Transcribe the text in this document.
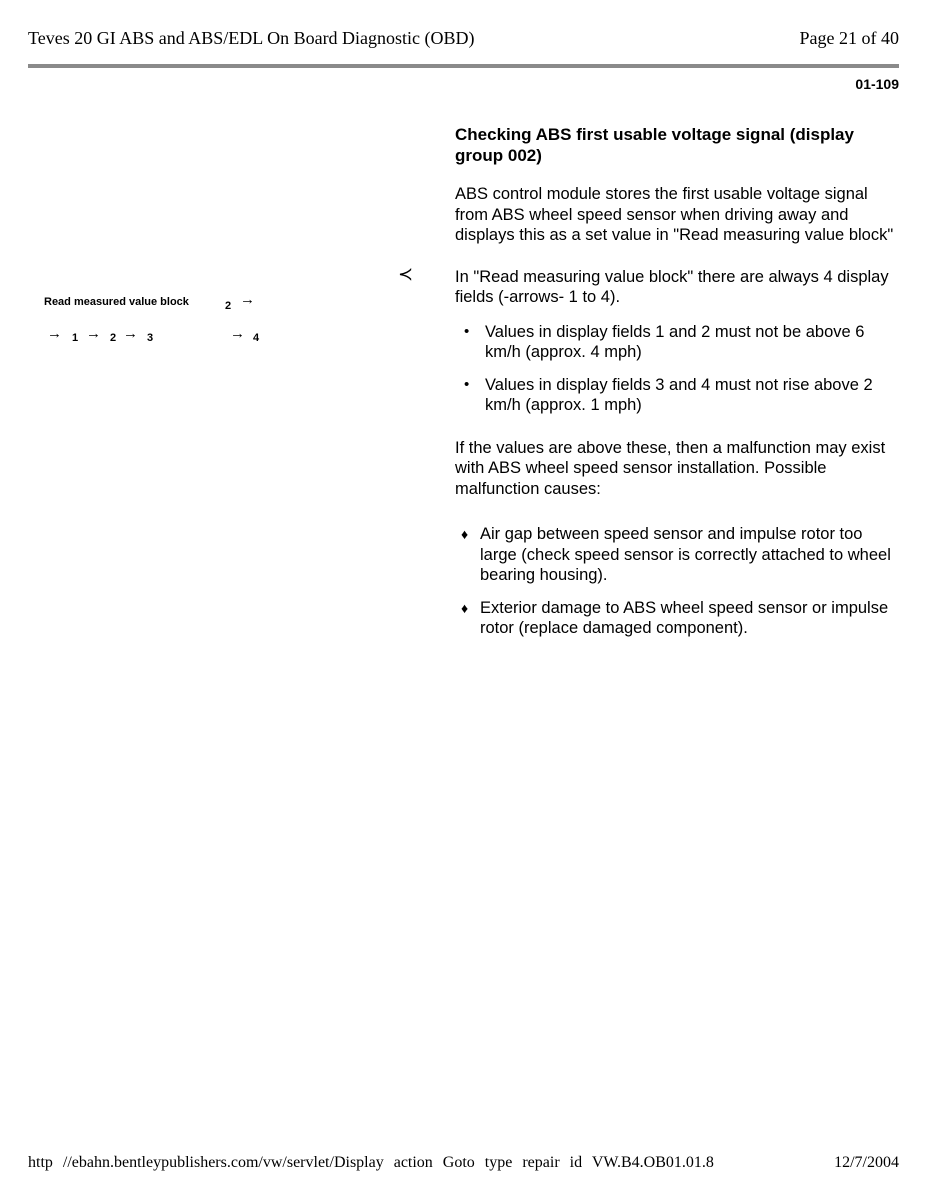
Teves 20 GI ABS and ABS/EDL On Board Diagnostic (OBD)	Page 21 of 40
01-109
Read measured value block	2 →
→ 1 → 2 → 3	→ 4
Checking ABS first usable voltage signal (display group 002)

ABS control module stores the first usable voltage signal from ABS wheel speed sensor when driving away and displays this as a set value in "Read measuring value block"

≺	In "Read measuring value block" there are always 4 display fields (-arrows- 1 to 4).

• Values in display fields 1 and 2 must not be above 6 km/h (approx. 4 mph)
• Values in display fields 3 and 4 must not rise above 2 km/h (approx. 1 mph)

If the values are above these, then a malfunction may exist with ABS wheel speed sensor installation. Possible malfunction causes:

♦ Air gap between speed sensor and impulse rotor too large (check speed sensor is correctly attached to wheel bearing housing).
♦ Exterior damage to ABS wheel speed sensor or impulse rotor (replace damaged component).
http //ebahn.bentleypublishers.com/vw/servlet/Display action Goto type repair id VW.B4.OB01.01.8	12/7/2004
